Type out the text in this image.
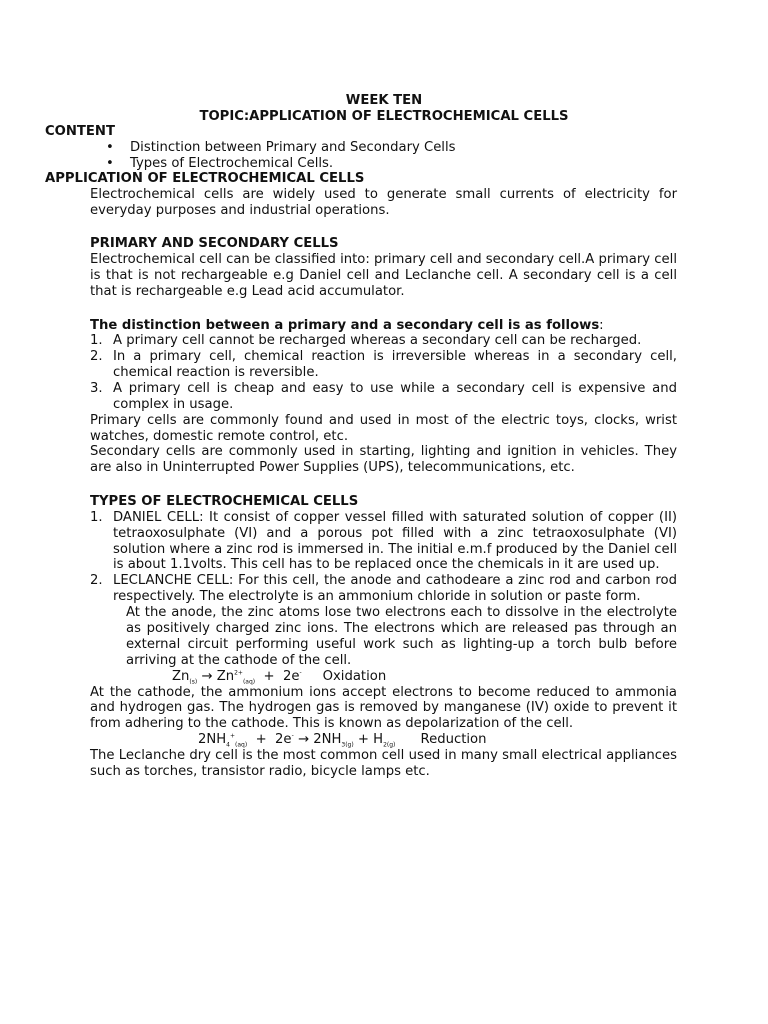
WEEK TEN
TOPIC:APPLICATION OF ELECTROCHEMICAL CELLS
CONTENT
• Distinction between Primary and Secondary Cells
• Types of Electrochemical Cells.
APPLICATION OF ELECTROCHEMICAL CELLS
Electrochemical cells are widely used to generate small currents of electricity for
everyday purposes and industrial operations.
PRIMARY AND SECONDARY CELLS
Electrochemical cell can be classified into: primary cell and secondary cell.A primary cell
is that is not rechargeable e.g Daniel cell and Leclanche cell. A secondary cell is a cell
that is rechargeable e.g Lead acid accumulator.
The distinction between a primary and a secondary cell is as follows:
1. A primary cell cannot be recharged whereas a secondary cell can be recharged.
2. In a primary cell, chemical reaction is irreversible whereas in a secondary cell,
chemical reaction is reversible.
3. A primary cell is cheap and easy to use while a secondary cell is expensive and
complex in usage.
Primary cells are commonly found and used in most of the electric toys, clocks, wrist
watches, domestic remote control, etc.
Secondary cells are commonly used in starting, lighting and ignition in vehicles. They
are also in Uninterrupted Power Supplies (UPS), telecommunications, etc.
TYPES OF ELECTROCHEMICAL CELLS
1. DANIEL CELL: It consist of copper vessel filled with saturated solution of copper (II)
tetraoxosulphate (VI) and a porous pot filled with a zinc tetraoxosulphate (VI)
solution where a zinc rod is immersed in. The initial e.m.f produced by the Daniel cell
is about 1.1volts. This cell has to be replaced once the chemicals in it are used up.
2. LECLANCHE CELL: For this cell, the anode and cathodeare a zinc rod and carbon rod
respectively. The electrolyte is an ammonium chloride in solution or paste form.
At the anode, the zinc atoms lose two electrons each to dissolve in the electrolyte
as positively charged zinc ions. The electrons which are released pas through an
external circuit performing useful work such as lighting-up a torch bulb before
arriving at the cathode of the cell.
$Zn_{(s)} \to Zn^{2+}_{(aq)} + 2e^-$ Oxidation
At the cathode, the ammonium ions accept electrons to become reduced to ammonia
and hydrogen gas. The hydrogen gas is removed by manganese (IV) oxide to prevent it
from adhering to the cathode. This is known as depolarization of the cell.
$2NH_4^+_{(aq)} + 2e^- \to 2NH_{3(g)} + H_{2(g)}$ Reduction
The Leclanche dry cell is the most common cell used in many small electrical appliances
such as torches, transistor radio, bicycle lamps etc.
